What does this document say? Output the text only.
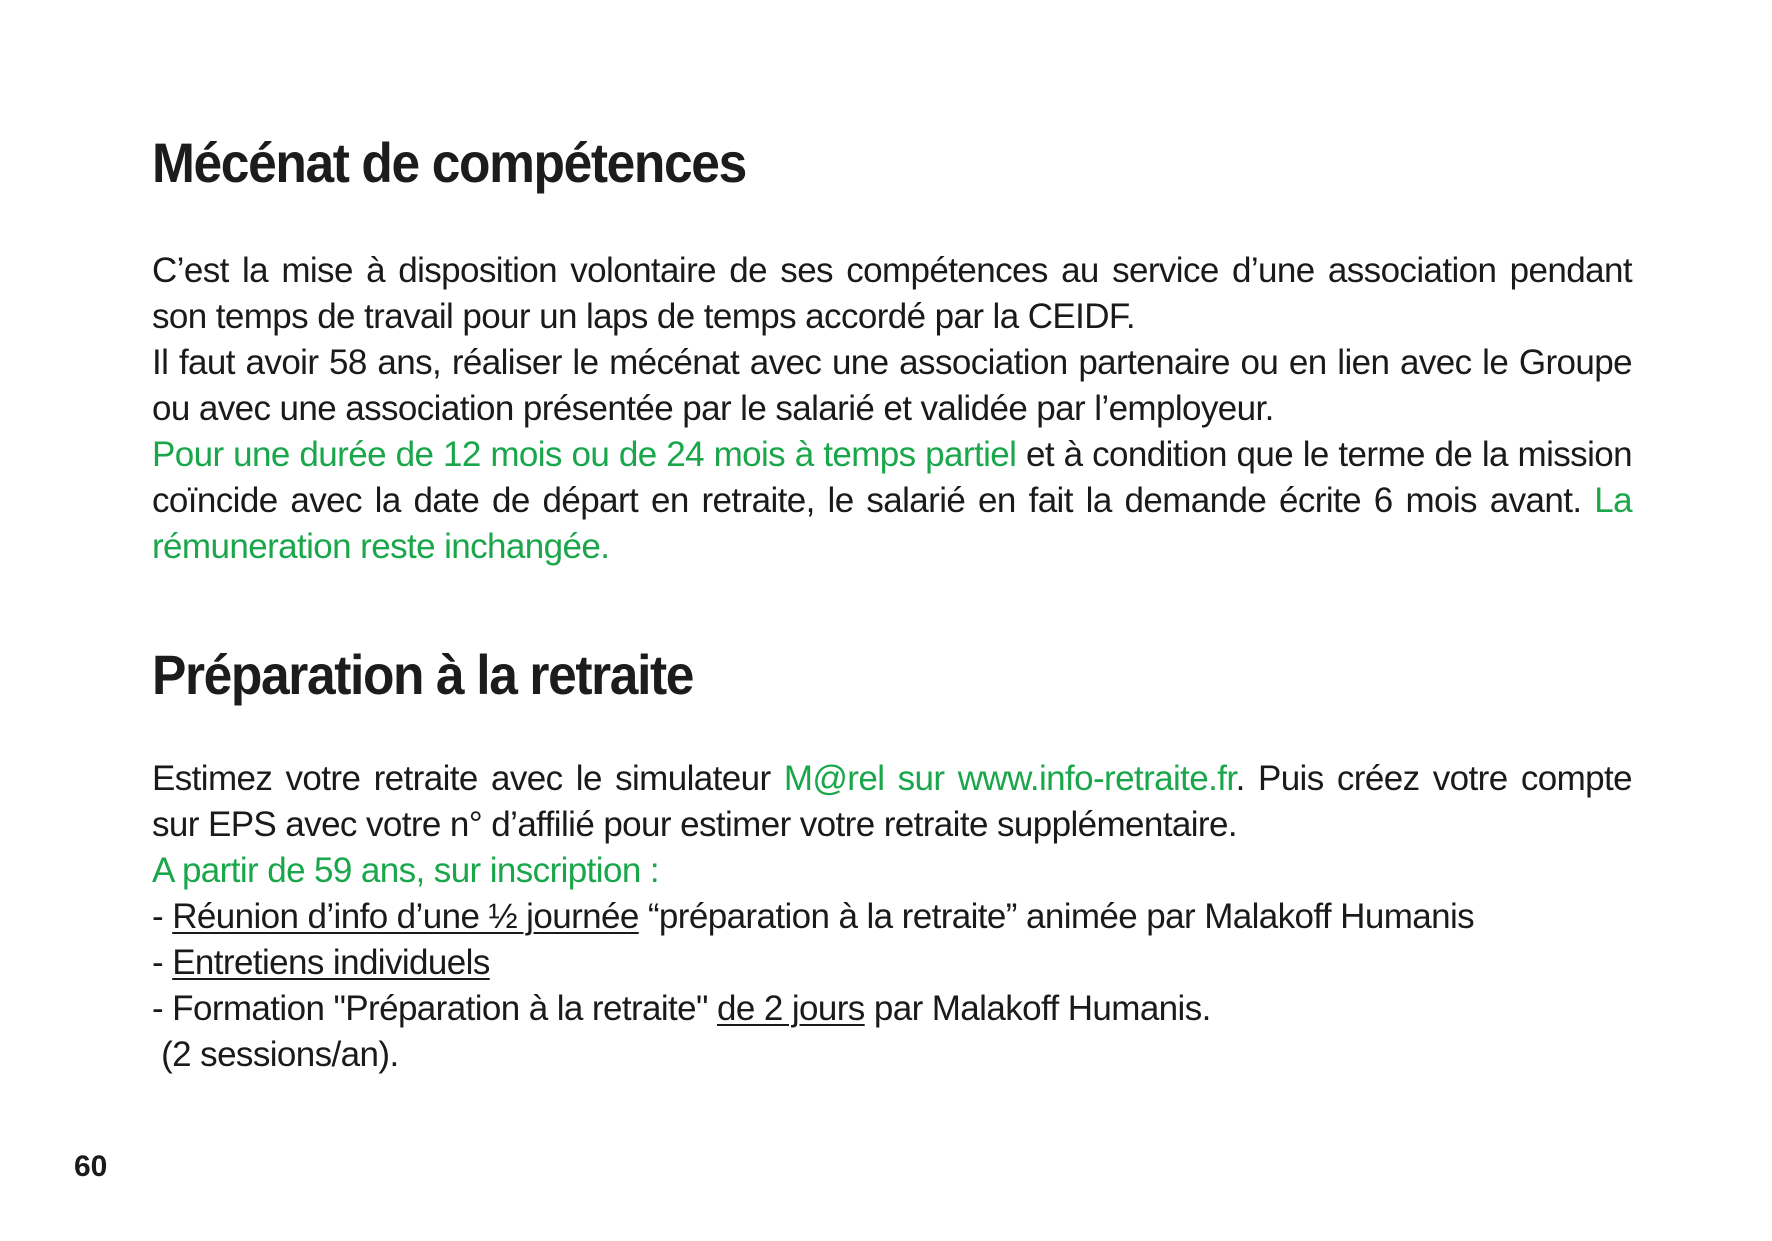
Mécénat de compétences

C’est la mise à disposition volontaire de ses compétences au service d’une association pendant son temps de travail pour un laps de temps accordé par la CEIDF.
Il faut avoir 58 ans, réaliser le mécénat avec une association partenaire ou en lien avec le Groupe ou avec une association présentée par le salarié et validée par l’employeur.
Pour une durée de 12 mois ou de 24 mois à temps partiel et à condition que le terme de la mission coïncide avec la date de départ en retraite, le salarié en fait la demande écrite 6 mois avant. La rémuneration reste inchangée.

Préparation à la retraite

Estimez votre retraite avec le simulateur M@rel sur www.info-retraite.fr. Puis créez votre compte sur EPS avec votre n° d’affilié pour estimer votre retraite supplémentaire.
A partir de 59 ans, sur inscription :
- Réunion d’info d’une ½ journée “préparation à la retraite” animée par Malakoff Humanis
- Entretiens individuels
- Formation "Préparation à la retraite" de 2 jours par Malakoff Humanis.
(2 sessions/an).

60
